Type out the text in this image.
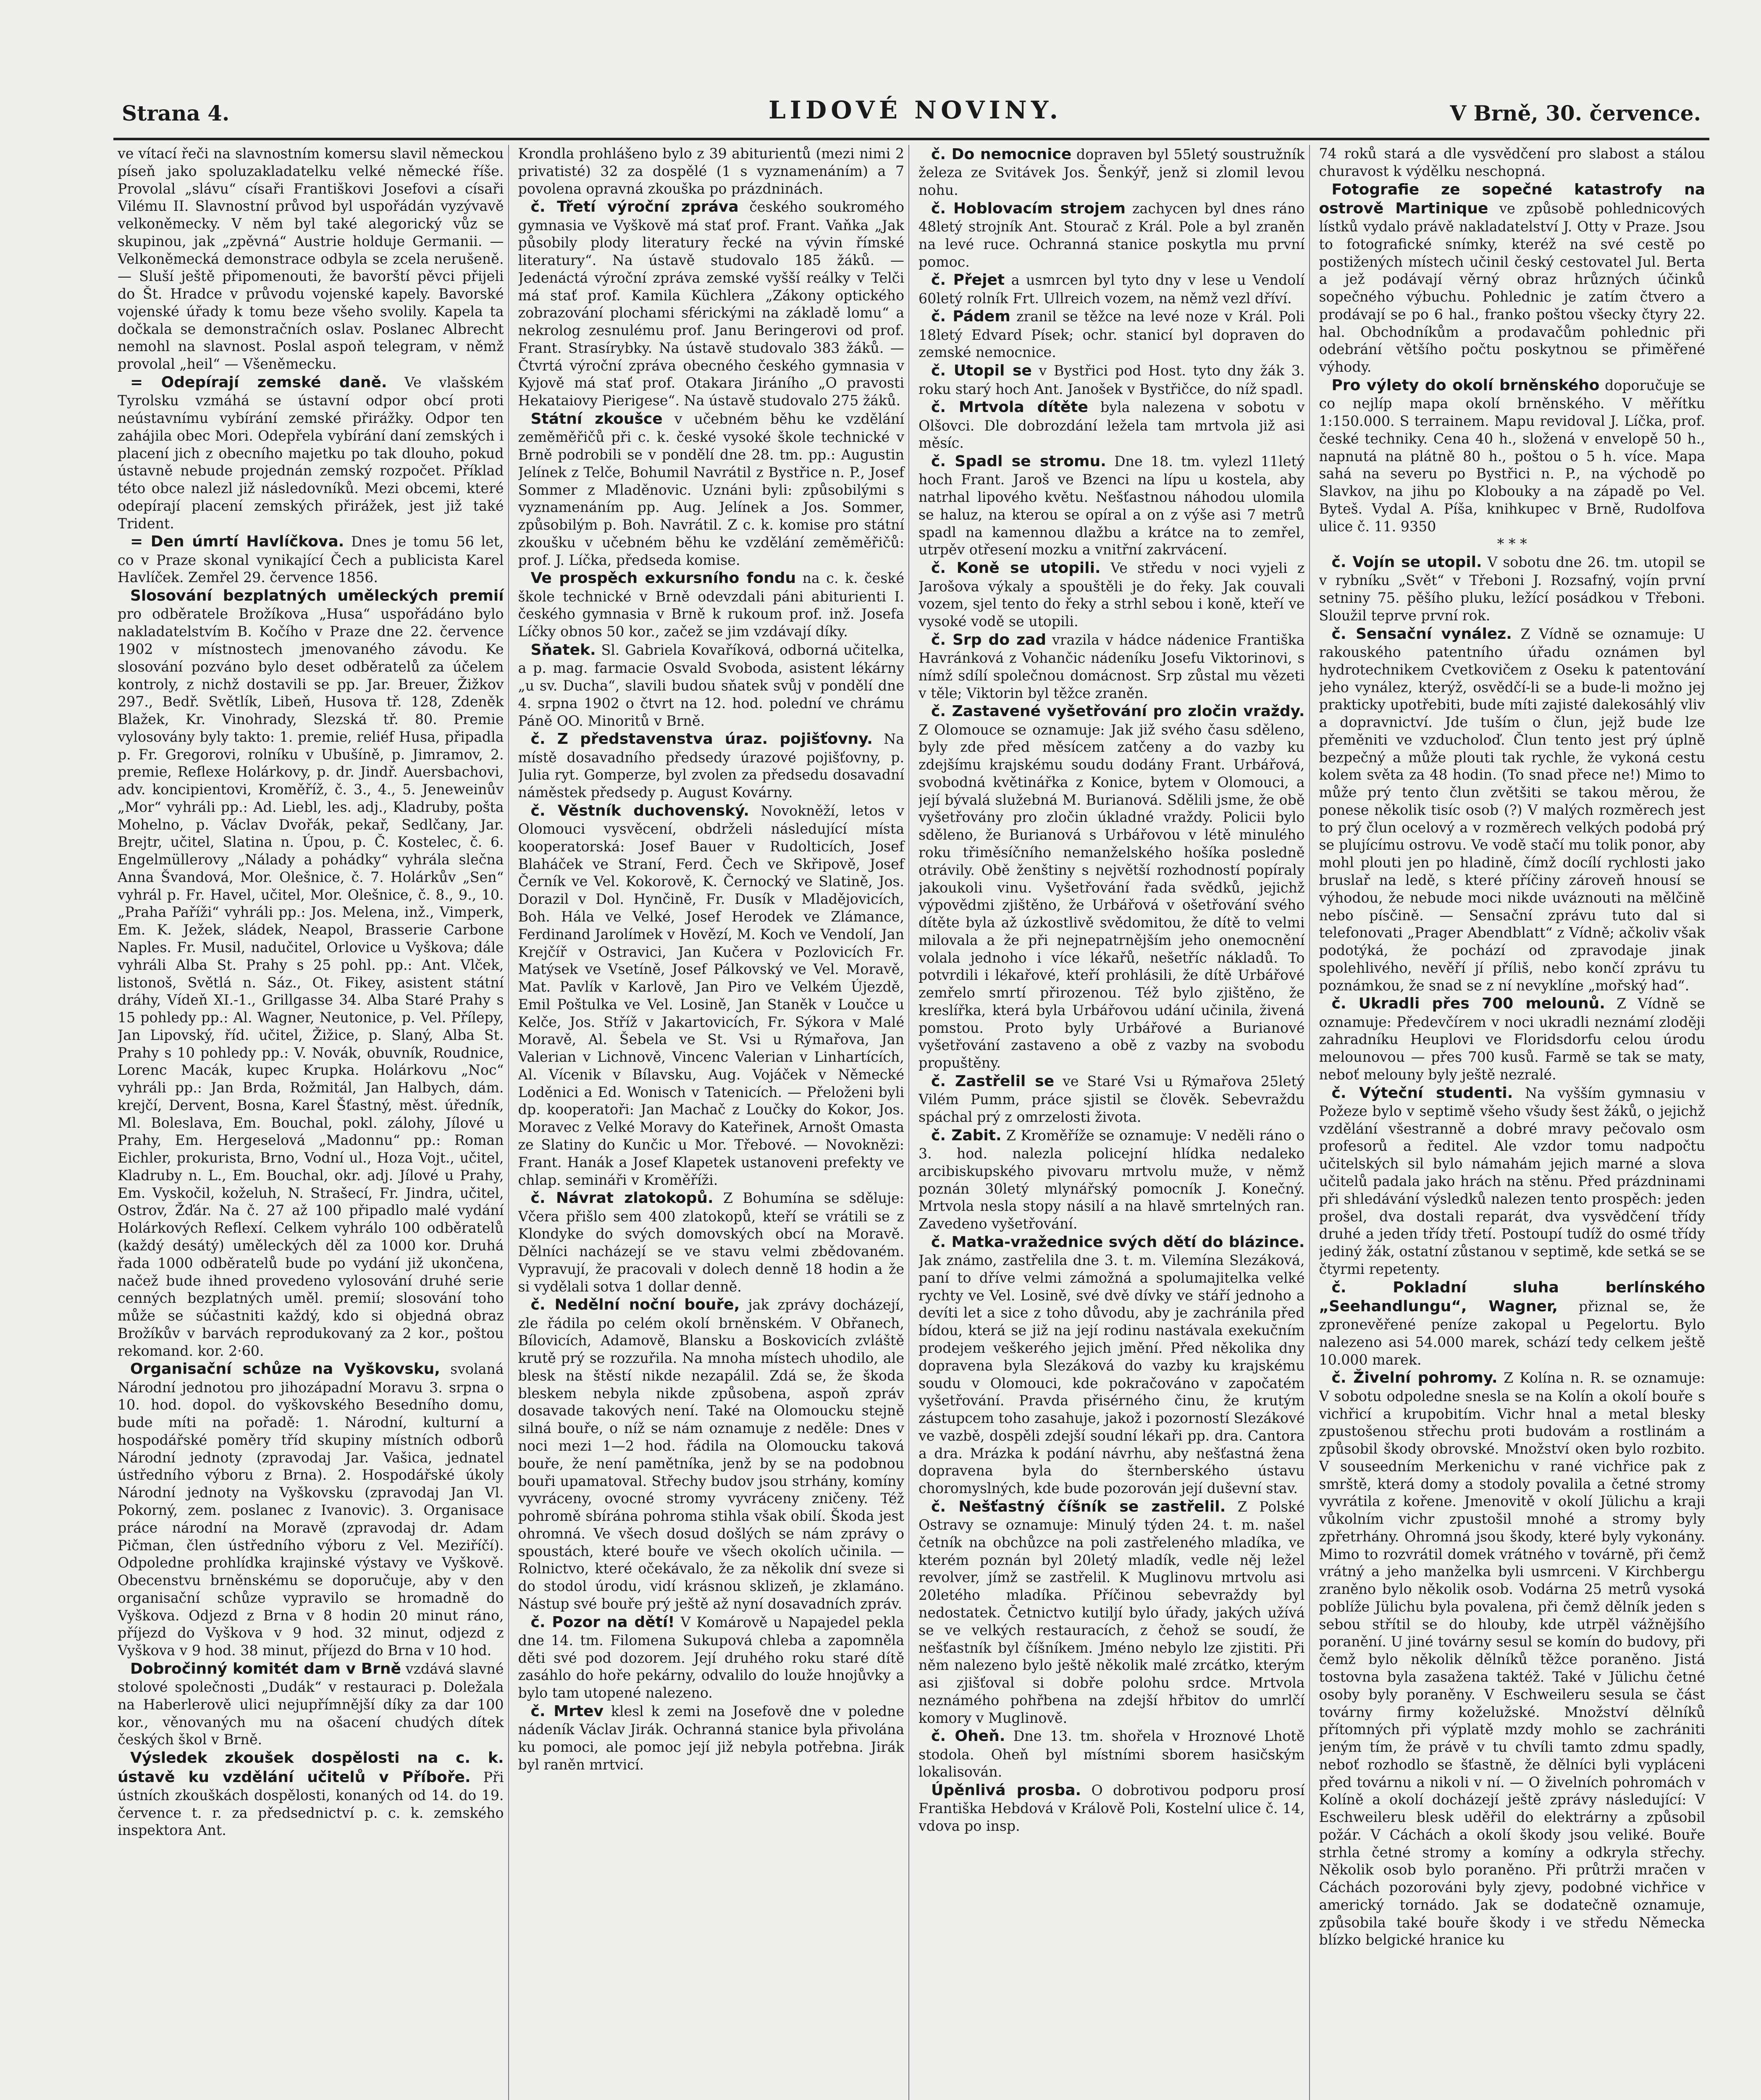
Strana 4.	LIDOVÉ NOVINY.	V Brně, 30. července.

ve vítací řeči na slavnostním komersu slavil německou píseň jako spoluzakladatelku velké německé říše. Provolal „slávu“ císaři Františkovi Josefovi a císaři Vilému II. Slavnostní průvod byl uspořádán vyzývavě velkoněmecky. V něm byl také alegorický vůz se skupinou, jak „zpěvná“ Austrie holduje Germanii. — Velkoněmecká demonstrace odbyla se zcela nerušeně. — Sluší ještě připomenouti, že bavorští pěvci přijeli do Št. Hradce v průvodu vojenské kapely. Bavorské vojenské úřady k tomu beze všeho svolily. Kapela ta dočkala se demonstračních oslav. Poslanec Albrecht nemohl na slavnost. Poslal aspoň telegram, v němž provolal „heil“ — Všeněmecku.

= Odepírají zemské daně. Ve vlašském Tyrolsku vzmáhá se ústavní odpor obcí proti neústavnímu vybírání zemské přirážky. Odpor ten zahájila obec Mori. Odepřela vybírání daní zemských i placení jich z obecního majetku po tak dlouho, pokud ústavně nebude projednán zemský rozpočet. Příklad této obce nalezl již následovníků. Mezi obcemi, které odepírají placení zemských přirážek, jest již také Trident.

= Den úmrtí Havlíčkova. Dnes je tomu 56 let, co v Praze skonal vynikající Čech a publicista Karel Havlíček. Zemřel 29. července 1856.

Slosování bezplatných uměleckých premií pro odběratele Brožíkova „Husa“ uspořádáno bylo nakladatelstvím B. Kočího v Praze dne 22. července 1902 v místnostech jmenovaného závodu. Ke slosování pozváno bylo deset odběratelů za účelem kontroly, z nichž dostavili se pp. Jar. Breuer, Žižkov 297., Bedř. Světlík, Libeň, Husova tř. 128, Zdeněk Blažek, Kr. Vinohrady, Slezská tř. 80. Premie vylosovány byly takto: 1. premie, reliéf Husa, připadla p. Fr. Gregorovi, rolníku v Ubušíně, p. Jimramov, 2. premie, Reflexe Holárkovy, p. dr. Jindř. Auersbachovi, adv. koncipientovi, Kroměříž, č. 3., 4., 5. Jeneweinův „Mor“ vyhráli pp.: Ad. Liebl, les. adj., Kladruby, pošta Mohelno, p. Václav Dvořák, pekař, Sedlčany, Jar. Brejtr, učitel, Slatina n. Úpou, p. Č. Kostelec, č. 6. Engelmüllerovy „Nálady a pohádky“ vyhrála slečna Anna Švandová, Mor. Olešnice, č. 7. Holárkův „Sen“ vyhrál p. Fr. Havel, učitel, Mor. Olešnice, č. 8., 9., 10. „Praha Paříži“ vyhráli pp.: Jos. Melena, inž., Vimperk, Em. K. Ježek, sládek, Neapol, Brasserie Carbone Naples. Fr. Musil, nadučitel, Orlovice u Vyškova; dále vyhráli Alba St. Prahy s 25 pohl. pp.: Ant. Vlček, listonoš, Světlá n. Sáz., Ot. Fikey, asistent státní dráhy, Vídeň XI.-1., Grillgasse 34. Alba Staré Prahy s 15 pohledy pp.: Al. Wagner, Neutonice, p. Vel. Přílepy, Jan Lipovský, říd. učitel, Žižice, p. Slaný, Alba St. Prahy s 10 pohledy pp.: V. Novák, obuvník, Roudnice, Lorenc Macák, kupec Krupka. Holárkovu „Noc“ vyhráli pp.: Jan Brda, Rožmitál, Jan Halbych, dám. krejčí, Dervent, Bosna, Karel Šťastný, měst. úředník, Ml. Boleslava, Em. Bouchal, pokl. zálohy, Jílové u Prahy, Em. Hergeselová „Madonnu“ pp.: Roman Eichler, prokurista, Brno, Vodní ul., Hoza Vojt., učitel, Kladruby n. L., Em. Bouchal, okr. adj. Jílové u Prahy, Em. Vyskočil, koželuh, N. Strašecí, Fr. Jindra, učitel, Ostrov, Žďár. Na č. 27 až 100 připadlo malé vydání Holárkových Reflexí. Celkem vyhrálo 100 odběratelů (každý desátý) uměleckých děl za 1000 kor. Druhá řada 1000 odběratelů bude po vydání již ukončena, načež bude ihned provedeno vylosování druhé serie cenných bezplatných uměl. premií; slosování toho může se súčastniti každý, kdo si objedná obraz Brožíkův v barvách reprodukovaný za 2 kor., poštou rekomand. kor. 2·60.

Organisační schůze na Vyškovsku, svolaná Národní jednotou pro jihozápadní Moravu 3. srpna o 10. hod. dopol. do vyškovského Besedního domu, bude míti na pořadě: 1. Národní, kulturní a hospodářské poměry tříd skupiny místních odborů Národní jednoty (zpravodaj Jar. Vašica, jednatel ústředního výboru z Brna). 2. Hospodářské úkoly Národní jednoty na Vyškovsku (zpravodaj Jan Vl. Pokorný, zem. poslanec z Ivanovic). 3. Organisace práce národní na Moravě (zpravodaj dr. Adam Pičman, člen ústředního výboru z Vel. Meziříčí). Odpoledne prohlídka krajinské výstavy ve Vyškově. Obecenstvu brněnskému se doporučuje, aby v den organisační schůze vypravilo se hromadně do Vyškova. Odjezd z Brna v 8 hodin 20 minut ráno, příjezd do Vyškova v 9 hod. 32 minut, odjezd z Vyškova v 9 hod. 38 minut, příjezd do Brna v 10 hod.

Dobročinný komitét dam v Brně vzdává slavné stolové společnosti „Dudák“ v restauraci p. Doležala na Haberlerově ulici nejupřímnější díky za dar 100 kor., věnovaných mu na ošacení chudých dítek českých škol v Brně.

Výsledek zkoušek dospělosti na c. k. ústavě ku vzdělání učitelů v Příboře. Při ústních zkouškách dospělosti, konaných od 14. do 19. července t. r. za předsednictví p. c. k. zemského inspektora Ant.

Krondla prohlášeno bylo z 39 abiturientů (mezi nimi 2 privatisté) 32 za dospělé (1 s vyznamenáním) a 7 povolena opravná zkouška po prázdninách.

č. Třetí výroční zpráva českého soukromého gymnasia ve Vyškově má stať prof. Frant. Vaňka „Jak působily plody literatury řecké na vývin římské literatury“. Na ústavě studovalo 185 žáků. — Jedenáctá výroční zpráva zemské vyšší reálky v Telči má stať prof. Kamila Küchlera „Zákony optického zobrazování plochami sférickými na základě lomu“ a nekrolog zesnulému prof. Janu Beringerovi od prof. Frant. Strasírybky. Na ústavě studovalo 383 žáků. — Čtvrtá výroční zpráva obecného českého gymnasia v Kyjově má stať prof. Otakara Jiráního „O pravosti Hekataiovy Pierigese“. Na ústavě studovalo 275 žáků.

Státní zkoušce v učebném běhu ke vzdělání zeměměřičů při c. k. české vysoké škole technické v Brně podrobili se v pondělí dne 28. tm. pp.: Augustin Jelínek z Telče, Bohumil Navrátil z Bystřice n. P., Josef Sommer z Mladěnovic. Uznáni byli: způsobilými s vyznamenáním pp. Aug. Jelínek a Jos. Sommer, způsobilým p. Boh. Navrátil. Z c. k. komise pro státní zkoušku v učebném běhu ke vzdělání zeměměřičů: prof. J. Líčka, předseda komise.

Ve prospěch exkursního fondu na c. k. české škole technické v Brně odevzdali páni abiturienti I. českého gymnasia v Brně k rukoum prof. inž. Josefa Líčky obnos 50 kor., začež se jim vzdávají díky.

Sňatek. Sl. Gabriela Kovaříková, odborná učitelka, a p. mag. farmacie Osvald Svoboda, asistent lékárny „u sv. Ducha“, slavili budou sňatek svůj v pondělí dne 4. srpna 1902 o čtvrt na 12. hod. polední ve chrámu Páně OO. Minoritů v Brně.

č. Z představenstva úraz. pojišťovny. Na místě dosavadního předsedy úrazové pojišťovny, p. Julia ryt. Gomperze, byl zvolen za předsedu dosavadní náměstek předsedy p. August Kovárny.

č. Věstník duchovenský. Novokněží, letos v Olomouci vysvěcení, obdrželi následující místa kooperatorská: Josef Bauer v Rudolticích, Josef Blaháček ve Straní, Ferd. Čech ve Skřipově, Josef Černík ve Vel. Kokorově, K. Černocký ve Slatině, Jos. Dorazil v Dol. Hynčině, Fr. Dusík v Mladějovicích, Boh. Hála ve Velké, Josef Herodek ve Zlámance, Ferdinand Jarolímek v Hovězí, M. Koch ve Vendolí, Jan Krejčíř v Ostravici, Jan Kučera v Pozlovicích Fr. Matýsek ve Vsetíně, Josef Pálkovský ve Vel. Moravě, Mat. Pavlík v Karlově, Jan Piro ve Velkém Újezdě, Emil Poštulka ve Vel. Losině, Jan Staněk v Loučce u Kelče, Jos. Stříž v Jakartovicích, Fr. Sýkora v Malé Moravě, Al. Šebela ve St. Vsi u Rýmařova, Jan Valerian v Lichnově, Vincenc Valerian v Linhartících, Al. Vícenik v Bílavsku, Aug. Vojáček v Německé Loděnici a Ed. Wonisch v Tatenicích. — Přeloženi byli dp. kooperatoři: Jan Machač z Loučky do Kokor, Jos. Moravec z Velké Moravy do Kateřinek, Arnošt Omasta ze Slatiny do Kunčic u Mor. Třebové. — Novoknězi: Frant. Hanák a Josef Klapetek ustanoveni prefekty ve chlap. semináři v Kroměříži.

č. Návrat zlatokopů. Z Bohumína se sděluje: Včera přišlo sem 400 zlatokopů, kteří se vrátili se z Klondyke do svých domovských obcí na Moravě. Dělníci nacházejí se ve stavu velmi zbědovaném. Vypravují, že pracovali v dolech denně 18 hodin a že si vydělali sotva 1 dollar denně.

č. Nedělní noční bouře, jak zprávy docházejí, zle řádila po celém okolí brněnském. V Obřanech, Bílovicích, Adamově, Blansku a Boskovicích zvláště krutě prý se rozzuřila. Na mnoha místech uhodilo, ale blesk na štěstí nikde nezapálil. Zdá se, že škoda bleskem nebyla nikde způsobena, aspoň zpráv dosavade takových není. Také na Olomoucku stejně silná bouře, o níž se nám oznamuje z neděle: Dnes v noci mezi 1—2 hod. řádila na Olomoucku taková bouře, že není pamětníka, jenž by se na podobnou bouři upamatoval. Střechy budov jsou strhány, komíny vyvráceny, ovocné stromy vyvráceny zničeny. Též pohromě sbírána pohroma stihla však obilí. Škoda jest ohromná. Ve všech dosud došlých se nám zprávy o spoustách, které bouře ve všech okolích učinila. — Rolnictvo, které očekávalo, že za několik dní sveze si do stodol úrodu, vidí krásnou sklizeň, je zklamáno. Nástup své bouře prý ještě až nyní dosavadních zpráv.

č. Pozor na dětí! V Komárově u Napajedel pekla dne 14. tm. Filomena Sukupová chleba a zapomněla děti své pod dozorem. Její druhého roku staré dítě zasáhlo do hoře pekárny, odvalilo do louže hnojůvky a bylo tam utopené nalezeno.

č. Mrtev klesl k zemi na Josefově dne v poledne nádeník Václav Jirák. Ochranná stanice byla přivolána ku pomoci, ale pomoc její již nebyla potřebna. Jirák byl raněn mrtvicí.

č. Do nemocnice dopraven byl 55letý soustružník železa ze Svitávek Jos. Šenkýř, jenž si zlomil levou nohu.

č. Hoblovacím strojem zachycen byl dnes ráno 48letý strojník Ant. Stourač z Král. Pole a byl zraněn na levé ruce. Ochranná stanice poskytla mu první pomoc.

č. Přejet a usmrcen byl tyto dny v lese u Vendolí 60letý rolník Frt. Ullreich vozem, na němž vezl dříví.

č. Pádem zranil se těžce na levé noze v Král. Poli 18letý Edvard Písek; ochr. stanicí byl dopraven do zemské nemocnice.

č. Utopil se v Bystřici pod Host. tyto dny žák 3. roku starý hoch Ant. Janošek v Bystřičce, do níž spadl.

č. Mrtvola dítěte byla nalezena v sobotu v Olšovci. Dle dobrozdání ležela tam mrtvola již asi měsíc.

č. Spadl se stromu. Dne 18. tm. vylezl 11letý hoch Frant. Jaroš ve Bzenci na lípu u kostela, aby natrhal lipového květu. Nešťastnou náhodou ulomila se haluz, na kterou se opíral a on z výše asi 7 metrů spadl na kamennou dlažbu a krátce na to zemřel, utrpěv otřesení mozku a vnitřní zakrvácení.

č. Koně se utopili. Ve středu v noci vyjeli z Jarošova výkaly a spouštěli je do řeky. Jak couvali vozem, sjel tento do řeky a strhl sebou i koně, kteří ve vysoké vodě se utopili.

č. Srp do zad vrazila v hádce nádenice Františka Havránková z Vohančic nádeníku Josefu Viktorinovi, s nímž sdílí společnou domácnost. Srp zůstal mu vězeti v těle; Viktorin byl těžce zraněn.

č. Zastavené vyšetřování pro zločin vraždy. Z Olomouce se oznamuje: Jak již svého času sděleno, byly zde před měsícem zatčeny a do vazby ku zdejšímu krajskému soudu dodány Frant. Urbářová, svobodná květinářka z Konice, bytem v Olomouci, a její bývalá služebná M. Burianová. Sdělili jsme, že obě vyšetřovány pro zločin úkladné vraždy. Policii bylo sděleno, že Burianová s Urbářovou v létě minulého roku třiměsíčního nemanželského hošíka posledně otrávily. Obě ženštiny s největší rozhodností popíraly jakoukoli vinu. Vyšetřování řada svědků, jejichž výpovědmi zjištěno, že Urbářová v ošetřování svého dítěte byla až úzkostlivě svědomitou, že dítě to velmi milovala a že při nejnepatrnějším jeho onemocnění volala jednoho i více lékařů, nešetříc nákladů. To potvrdili i lékařové, kteří prohlásili, že dítě Urbářové zemřelo smrtí přirozenou. Též bylo zjištěno, že kreslířka, která byla Urbářovou udání učinila, živená pomstou. Proto byly Urbářové a Burianové vyšetřování zastaveno a obě z vazby na svobodu propuštěny.

č. Zastřelil se ve Staré Vsi u Rýmařova 25letý Vilém Pumm, práce sjistil se člověk. Sebevraždu spáchal prý z omrzelosti života.

č. Zabit. Z Kroměříže se oznamuje: V neděli ráno o 3. hod. nalezla policejní hlídka nedaleko arcibiskupského pivovaru mrtvolu muže, v němž poznán 30letý mlynářský pomocník J. Konečný. Mrtvola nesla stopy násilí a na hlavě smrtelných ran. Zavedeno vyšetřování.

č. Matka-vražednice svých dětí do blázince. Jak známo, zastřelila dne 3. t. m. Vilemína Slezáková, paní to dříve velmi zámožná a spolumajitelka velké rychty ve Vel. Losině, své dvě dívky ve stáří jednoho a devíti let a sice z toho důvodu, aby je zachránila před bídou, která se již na její rodinu nastávala exekučním prodejem veškerého jejich jmění. Před několika dny dopravena byla Slezáková do vazby ku krajskému soudu v Olomouci, kde pokračováno v započatém vyšetřování. Pravda přisérného činu, že krutým zástupcem toho zasahuje, jakož i pozorností Slezákové ve vazbě, dospěli zdejší soudní lékaři pp. dra. Cantora a dra. Mrázka k podání návrhu, aby nešťastná žena dopravena byla do šternberského ústavu choromyslných, kde bude pozorován její duševní stav.

č. Nešťastný číšník se zastřelil. Z Polské Ostravy se oznamuje: Minulý týden 24. t. m. našel četník na obchůzce na poli zastřeleného mladíka, ve kterém poznán byl 20letý mladík, vedle něj ležel revolver, jímž se zastřelil. K Muglinovu mrtvolu asi 20letého mladíka. Příčinou sebevraždy byl nedostatek. Četnictvo kutiljí bylo úřady, jakých užívá se ve velkých restauracích, z čehož se soudí, že nešťastník byl číšníkem. Jméno nebylo lze zjistiti. Při něm nalezeno bylo ještě několik malé zrcátko, kterým asi zjišťoval si dobře polohu srdce. Mrtvola neznámého pohřbena na zdejší hřbitov do umrlčí komory v Muglinově.

č. Oheň. Dne 13. tm. shořela v Hroznové Lhotě stodola. Oheň byl místními sborem hasičským lokalisován.

Úpěnlivá prosba. O dobrotivou podporu prosí Františka Hebdová v Králově Poli, Kostelní ulice č. 14, vdova po insp.

74 roků stará a dle vysvědčení pro slabost a stálou churavost k výdělku neschopná.

Fotografie ze sopečné katastrofy na ostrově Martinique ve způsobě pohlednicových lístků vydalo právě nakladatelství J. Otty v Praze. Jsou to fotografické snímky, kteréž na své cestě po postižených místech učinil český cestovatel Jul. Berta a jež podávají věrný obraz hrůzných účinků sopečného výbuchu. Pohlednic je zatím čtvero a prodávají se po 6 hal., franko poštou všecky čtyry 22. hal. Obchodníkům a prodavačům pohlednic při odebrání většího počtu poskytnou se přiměřené výhody.

Pro výlety do okolí brněnského doporučuje se co nejlíp mapa okolí brněnského. V měřítku 1:150.000. S terrainem. Mapu revidoval J. Líčka, prof. české techniky. Cena 40 h., složená v envelopě 50 h., napnutá na plátně 80 h., poštou o 5 h. více. Mapa sahá na severu po Bystřici n. P., na východě po Slavkov, na jihu po Klobouky a na západě po Vel. Byteš. Vydal A. Píša, knihkupec v Brně, Rudolfova ulice č. 11. 9350

* * *

č. Vojín se utopil. V sobotu dne 26. tm. utopil se v rybníku „Svět“ v Třeboni J. Rozsafný, vojín první setniny 75. pěšího pluku, ležící posádkou v Třeboni. Sloužil teprve první rok.

č. Sensační vynález. Z Vídně se oznamuje: U rakouského patentního úřadu oznámen byl hydrotechnikem Cvetkovičem z Oseku k patentování jeho vynález, kterýž, osvědčí-li se a bude-li možno jej prakticky upotřebiti, bude míti zajisté dalekosáhlý vliv a dopravnictví. Jde tuším o člun, jejž bude lze přeměniti ve vzducholoď. Člun tento jest prý úplně bezpečný a může plouti tak rychle, že vykoná cestu kolem světa za 48 hodin. (To snad přece ne!) Mimo to může prý tento člun zvětšiti se takou měrou, že ponese několik tisíc osob (?) V malých rozměrech jest to prý člun ocelový a v rozměrech velkých podobá prý se plujícímu ostrovu. Ve vodě stačí mu tolik ponor, aby mohl plouti jen po hladině, čímž docílí rychlosti jako bruslař na ledě, s které příčiny zároveň hnousí se výhodou, že nebude moci nikde uváznouti na mělčině nebo písčině. — Sensační zprávu tuto dal si telefonovati „Prager Abendblatt“ z Vídně; ačkoliv však podotýká, že pochází od zpravodaje jinak spolehlivého, nevěří jí příliš, nebo končí zprávu tu poznámkou, že snad se z ní nevyklíne „mořský had“.

č. Ukradli přes 700 melounů. Z Vídně se oznamuje: Předevčírem v noci ukradli neznámí zloději zahradníku Heuplovi ve Floridsdorfu celou úrodu melounovou — přes 700 kusů. Farmě se tak se maty, neboť melouny byly ještě nezralé.

č. Výteční studenti. Na vyšším gymnasiu v Požeze bylo v septimě všeho všudy šest žáků, o jejichž vzdělání všestranně a dobré mravy pečovalo osm profesorů a ředitel. Ale vzdor tomu nadpočtu učitelských sil bylo námahám jejich marné a slova učitelů padala jako hrách na stěnu. Před prázdninami při shledávání výsledků nalezen tento prospěch: jeden prošel, dva dostali reparát, dva vysvědčení třídy druhé a jeden třídy třetí. Postoupí tudíž do osmé třídy jediný žák, ostatní zůstanou v septimě, kde setká se se čtyrmi repetenty.

č. Pokladní sluha berlínského „Seehandlungu“, Wagner, přiznal se, že zpronevěřené peníze zakopal u Pegelortu. Bylo nalezeno asi 54.000 marek, schází tedy celkem ještě 10.000 marek.

č. Živelní pohromy. Z Kolína n. R. se oznamuje: V sobotu odpoledne snesla se na Kolín a okolí bouře s vichřicí a krupobitím. Vichr hnal a metal blesky zpustošenou střechu proti budovám a rostlinám a způsobil škody obrovské. Množství oken bylo rozbito. V souseedním Merkenichu v rané vichřice pak z smrště, která domy a stodoly povalila a četné stromy vyvrátila z kořene. Jmenovitě v okolí Jülichu a kraji vůkolním vichr zpustošil mnohé a stromy byly zpřetrhány. Ohromná jsou škody, které byly vykonány. Mimo to rozvrátil domek vrátného v továrně, při čemž vrátný a jeho manželka byli usmrceni. V Kirchbergu zraněno bylo několik osob. Vodárna 25 metrů vysoká poblíže Jülichu byla povalena, při čemž dělník jeden s sebou střítil se do hlouby, kde utrpěl vážnějšího poranění. U jiné továrny sesul se komín do budovy, při čemž bylo několik dělníků těžce poraněno. Jistá tostovna byla zasažena taktéž. Také v Jülichu četné osoby byly poraněny. V Eschweileru sesula se část továrny firmy koželužské. Množství dělníků přítomných při výplatě mzdy mohlo se zachrániti jeným tím, že právě v tu chvíli tamto zdmu spadly, neboť rozhodlo se šťastně, že dělníci byli vypláceni před továrnu a nikoli v ní. — O živelních pohromách v Kolíně a okolí docházejí ještě zprávy následující: V Eschweileru blesk uděřil do elektrárny a způsobil požár. V Cáchách a okolí škody jsou veliké. Bouře strhla četné stromy a komíny a odkryla střechy. Několik osob bylo poraněno. Při průtrži mračen v Cáchách pozorováni byly zjevy, podobné vichřice v americký tornádo. Jak se dodatečně oznamuje, způsobila také bouře škody i ve středu Německa blízko belgické hranice ku
